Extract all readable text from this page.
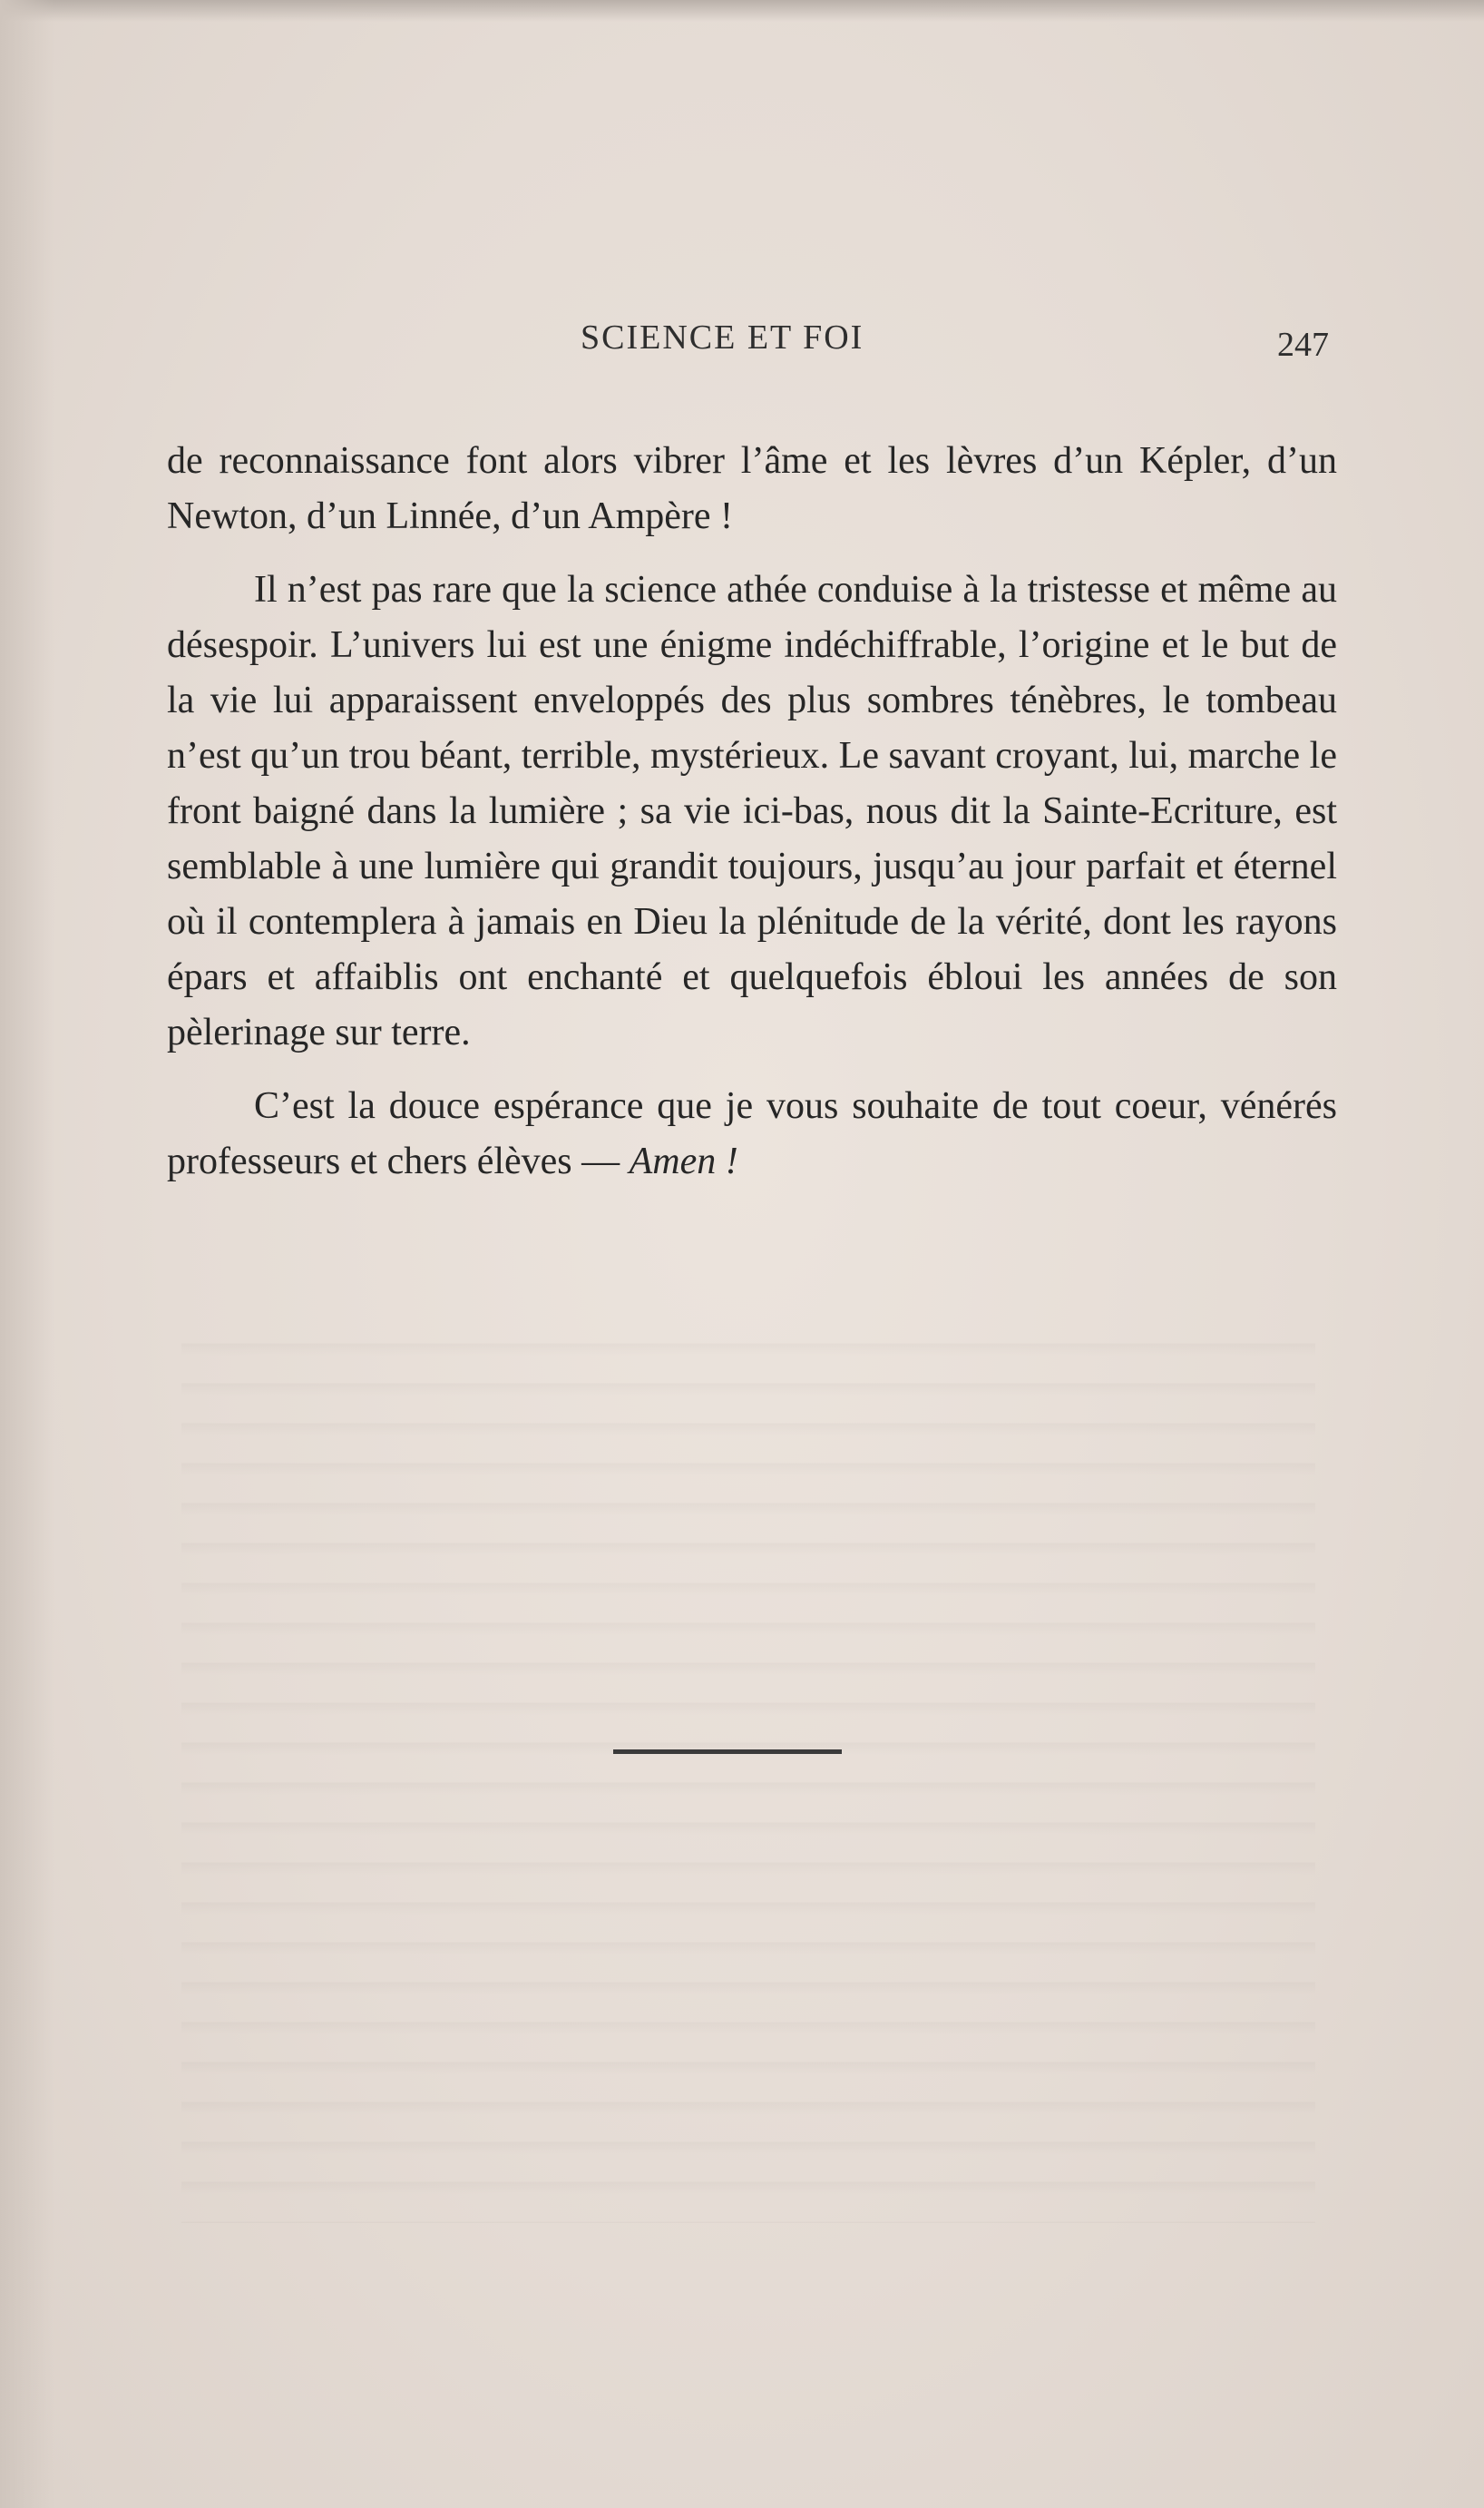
SCIENCE ET FOI	247

de reconnaissance font alors vibrer l’âme et les lèvres d’un Képler, d’un Newton, d’un Linnée, d’un Ampère !

Il n’est pas rare que la science athée conduise à la tristesse et même au désespoir. L’univers lui est une énigme indéchiffrable, l’origine et le but de la vie lui apparaissent enveloppés des plus sombres ténèbres, le tombeau n’est qu’un trou béant, terrible, mystérieux. Le savant croyant, lui, marche le front baigné dans la lumière ; sa vie ici-bas, nous dit la Sainte-Ecriture, est semblable à une lumière qui grandit toujours, jusqu’au jour parfait et éternel où il contemplera à jamais en Dieu la plénitude de la vérité, dont les rayons épars et affaiblis ont enchanté et quelquefois ébloui les années de son pèlerinage sur terre.

C’est la douce espérance que je vous souhaite de tout coeur, vénérés professeurs et chers élèves — Amen !
